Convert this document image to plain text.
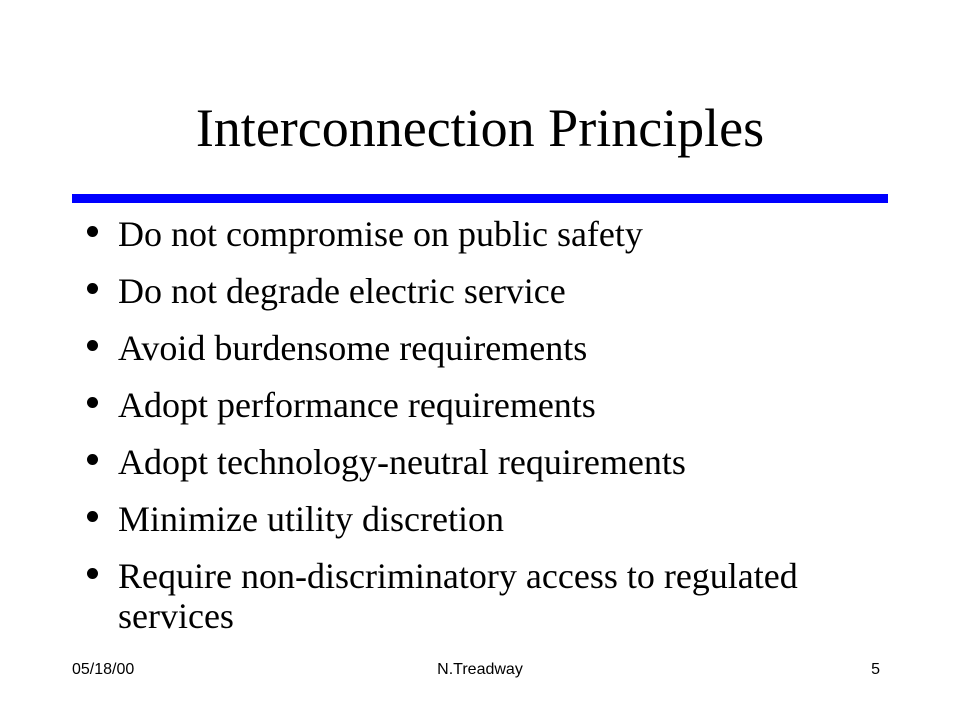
Interconnection Principles
Do not compromise on public safety
Do not degrade electric service
Avoid burdensome requirements
Adopt performance requirements
Adopt technology-neutral requirements
Minimize utility discretion
Require non-discriminatory access to regulated services
05/18/00	N.Treadway	5
